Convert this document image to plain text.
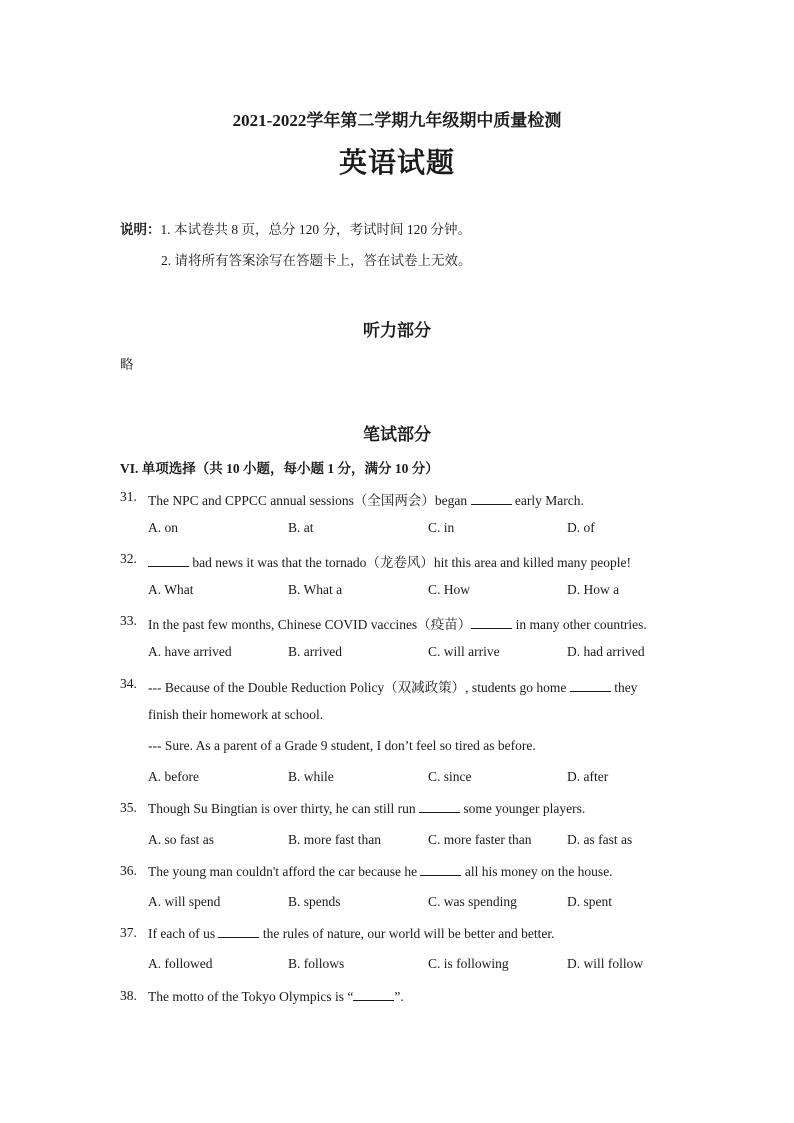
2021-2022学年第二学期九年级期中质量检测
英语试题
说明：1. 本试卷共 8 页，总分 120 分，考试时间 120 分钟。
2. 请将所有答案涂写在答题卡上，答在试卷上无效。
听力部分
略
笔试部分
VI. 单项选择（共 10 小题，每小题 1 分，满分 10 分）
31. The NPC and CPPCC annual sessions（全国两会）began	early March.
A. on	B. at	C. in	D. of
32.	bad news it was that the tornado（龙卷风）hit this area and killed many people!
A. What	B. What a	C. How	D. How a
33. In the past few months, Chinese COVID vaccines（疫苗）	in many other countries.
A. have arrived	B. arrived	C. will arrive	D. had arrived
34. --- Because of the Double Reduction Policy（双减政策）, students go home	they
finish their homework at school.
--- Sure. As a parent of a Grade 9 student, I don’t feel so tired as before.
A. before	B. while	C. since	D. after
35. Though Su Bingtian is over thirty, he can still run	some younger players.
A. so fast as	B. more fast than	C. more faster than	D. as fast as
36. The young man couldn't afford the car because he	all his money on the house.
A. will spend	B. spends	C. was spending	D. spent
37. If each of us	the rules of nature, our world will be better and better.
A. followed	B. follows	C. is following	D. will follow
38. The motto of the Tokyo Olympics is “	”.
